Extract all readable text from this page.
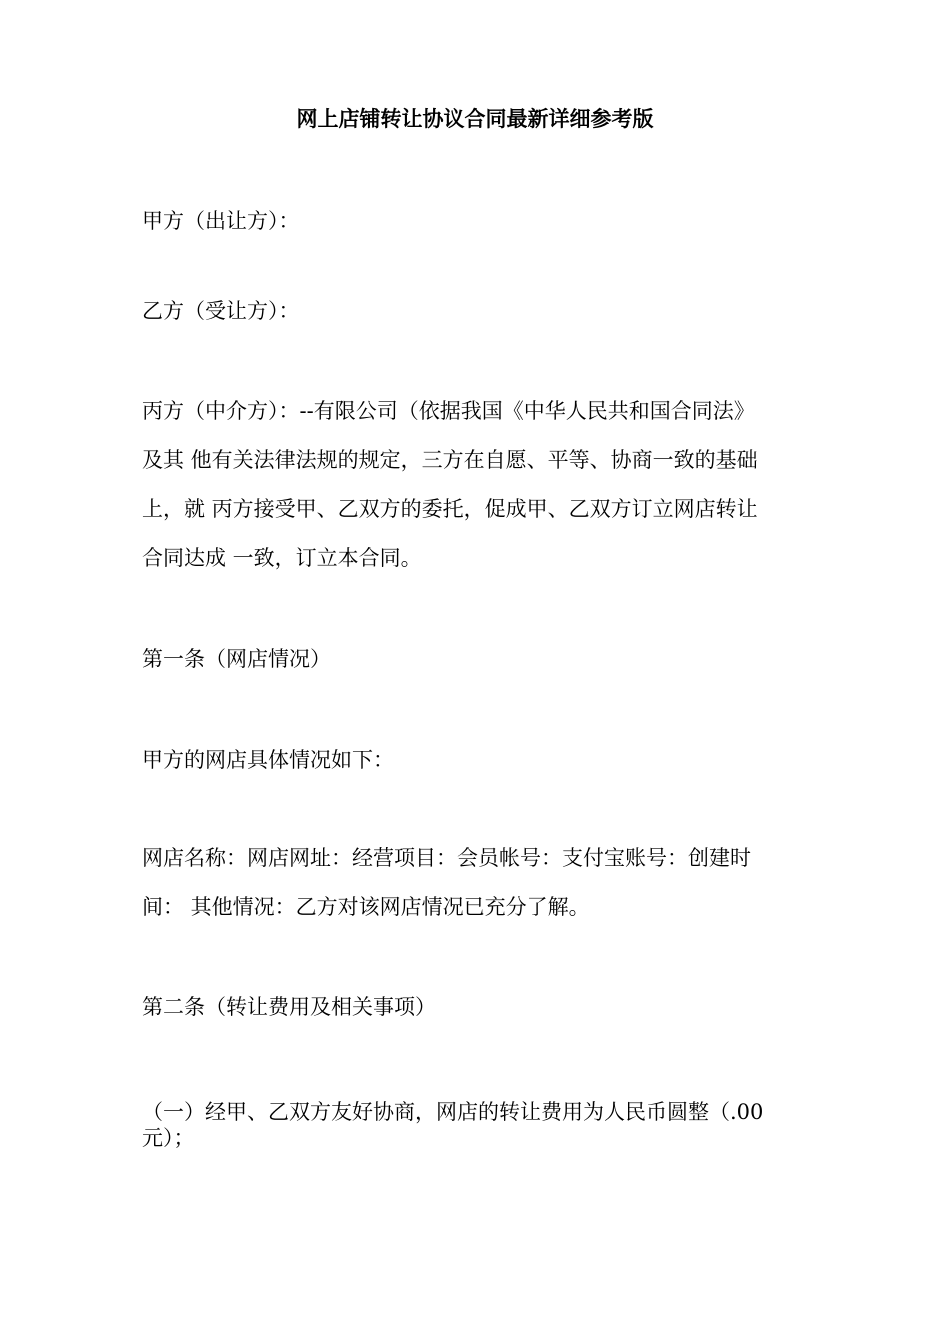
网上店铺转让协议合同最新详细参考版
甲方（出让方）：
乙方（受让方）：
丙方（中介方）：--有限公司（依据我国《中华人民共和国合同法》
及其 他有关法律法规的规定，三方在自愿、平等、协商一致的基础
上，就 丙方接受甲、乙双方的委托，促成甲、乙双方订立网店转让
合同达成 一致，订立本合同。
第一条（网店情况）
甲方的网店具体情况如下：
网店名称：网店网址：经营项目：会员帐号：支付宝账号：创建时
间： 其他情况：乙方对该网店情况已充分了解。
第二条（转让费用及相关事项）
（一）经甲、乙双方友好协商，网店的转让费用为人民币圆整（.00
元）；
